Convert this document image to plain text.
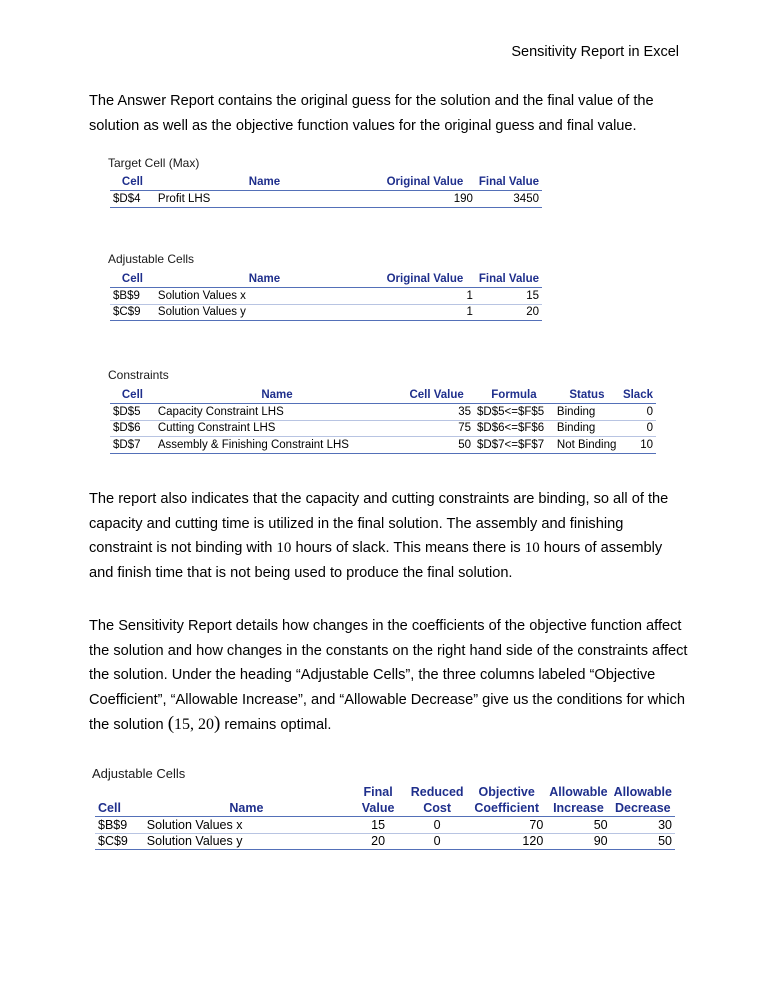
Sensitivity Report in Excel
The Answer Report contains the original guess for the solution and the final value of the solution as well as the objective function values for the original guess and final value.
Target Cell (Max)
Cell	Name	Original Value	Final Value
$D$4	Profit LHS	190	3450
Adjustable Cells
Cell	Name	Original Value	Final Value
$B$9	Solution Values x	1	15
$C$9	Solution Values y	1	20
Constraints
Cell	Name	Cell Value	Formula	Status	Slack
$D$5	Capacity Constraint LHS	35	$D$5<=$F$5	Binding	0
$D$6	Cutting Constraint LHS	75	$D$6<=$F$6	Binding	0
$D$7	Assembly & Finishing Constraint LHS	50	$D$7<=$F$7	Not Binding	10
The report also indicates that the capacity and cutting constraints are binding, so all of the capacity and cutting time is utilized in the final solution. The assembly and finishing constraint is not binding with 10 hours of slack. This means there is 10 hours of assembly and finish time that is not being used to produce the final solution.
The Sensitivity Report details how changes in the coefficients of the objective function affect the solution and how changes in the constants on the right hand side of the constraints affect the solution. Under the heading “Adjustable Cells”, the three columns labeled “Objective Coefficient”, “Allowable Increase”, and “Allowable Decrease” give us the conditions for which the solution (15, 20) remains optimal.
Adjustable Cells
		Final	Reduced	Objective	Allowable	Allowable
Cell	Name	Value	Cost	Coefficient	Increase	Decrease
$B$9	Solution Values x	15	0	70	50	30
$C$9	Solution Values y	20	0	120	90	50
